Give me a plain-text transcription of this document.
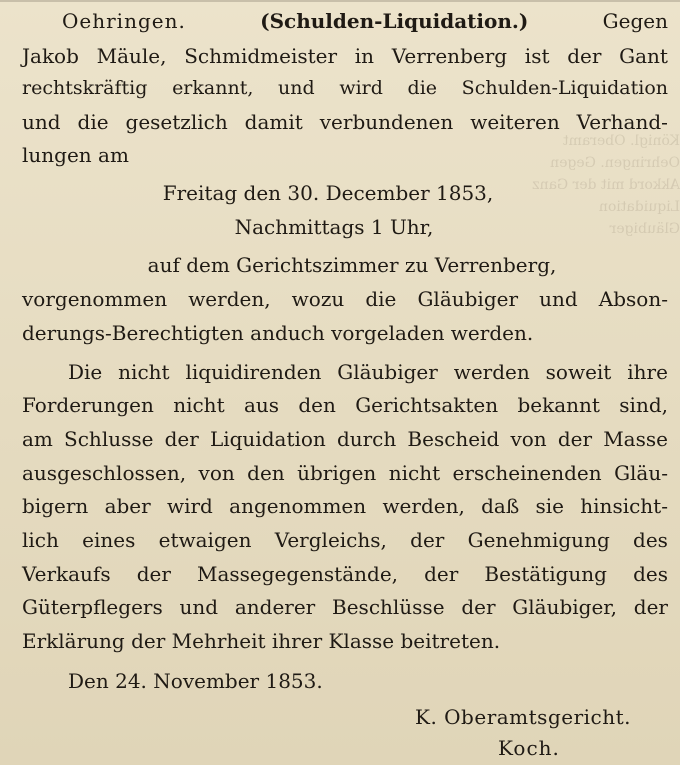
Königl. Oberamt
Oehringen. Gegen
Akkord mit der Ganz
Liquidation
Gläubiger
Oehringen.	(Schulden-Liquidation.)	Gegen
Jakob Mäule, Schmidmeister in Verrenberg ist der Gant
rechtskräftig erkannt, und wird die Schulden-Liquidation
und die gesetzlich damit verbundenen weiteren Verhand-
lungen am
Freitag den 30. December 1853,
Nachmittags 1 Uhr,
auf dem Gerichtszimmer zu Verrenberg,
vorgenommen werden, wozu die Gläubiger und Abson-
derungs-Berechtigten anduch vorgeladen werden.
Die nicht liquidirenden Gläubiger werden soweit ihre
Forderungen nicht aus den Gerichtsakten bekannt sind,
am Schlusse der Liquidation durch Bescheid von der Masse
ausgeschlossen, von den übrigen nicht erscheinenden Gläu-
bigern aber wird angenommen werden, daß sie hinsicht-
lich eines etwaigen Vergleichs, der Genehmigung des
Verkaufs der Massegegenstände, der Bestätigung des
Güterpflegers und anderer Beschlüsse der Gläubiger, der
Erklärung der Mehrheit ihrer Klasse beitreten.
Den 24. November 1853.
K. Oberamtsgericht.
Koch.
